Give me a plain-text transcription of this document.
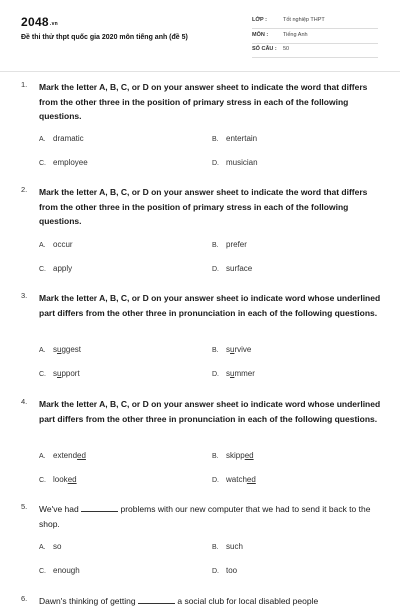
2048.vn
Đề thi thử thpt quốc gia 2020 môn tiếng anh (đề 5)
LỚP :	Tốt nghiệp THPT
MÔN :	Tiếng Anh
SỐ CÂU : 50
1. Mark the letter A, B, C, or D on your answer sheet to indicate the word that differs from the other three in the position of primary stress in each of the following questions.
A. dramatic	B. entertain
C. employee	D. musician
2. Mark the letter A, B, C, or D on your answer sheet to indicate the word that differs from the other three in the position of primary stress in each of the following questions.
A. occur	B. prefer
C. apply	D. surface
3. Mark the letter A, B, C, or D on your answer sheet io indicate word whose underlined part differs from the other three in pronunciation in each of the following questions.
A. suggest	B. survive
C. support	D. summer
4. Mark the letter A, B, C, or D on your answer sheet io indicate word whose underlined part differs from the other three in pronunciation in each of the following questions.
A. extended	B. skipped
C. looked	D. watched
5. We've had	problems with our new computer that we had to send it back to the shop.
A. so	B. such
C. enough	D. too
6. Dawn's thinking of getting	a social club for local disabled people
